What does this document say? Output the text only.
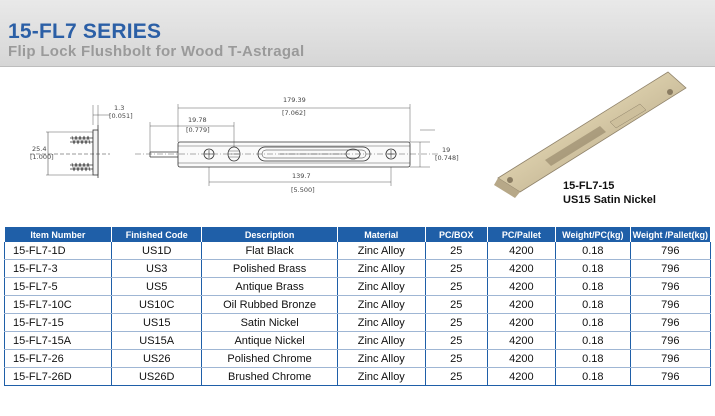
15-FL7 SERIES
Flip Lock Flushbolt for Wood T-Astragal
1.3
[0.051]
25.4
[1.000]
179.39
[7.062]
19.78
[0.779]
19
[0.748]
139.7
[5.500]	15-FL7-15
US15 Satin Nickel
Item Number	Finished Code	Description	Material	PC/BOX	PC/Pallet	Weight/PC(kg)	Weight /Pallet(kg)
15-FL7-1D	US1D	Flat Black	Zinc Alloy	25	4200	0.18	796
15-FL7-3	US3	Polished Brass	Zinc Alloy	25	4200	0.18	796
15-FL7-5	US5	Antique Brass	Zinc Alloy	25	4200	0.18	796
15-FL7-10C	US10C	Oil Rubbed Bronze	Zinc Alloy	25	4200	0.18	796
15-FL7-15	US15	Satin Nickel	Zinc Alloy	25	4200	0.18	796
15-FL7-15A	US15A	Antique Nickel	Zinc Alloy	25	4200	0.18	796
15-FL7-26	US26	Polished Chrome	Zinc Alloy	25	4200	0.18	796
15-FL7-26D	US26D	Brushed Chrome	Zinc Alloy	25	4200	0.18	796
